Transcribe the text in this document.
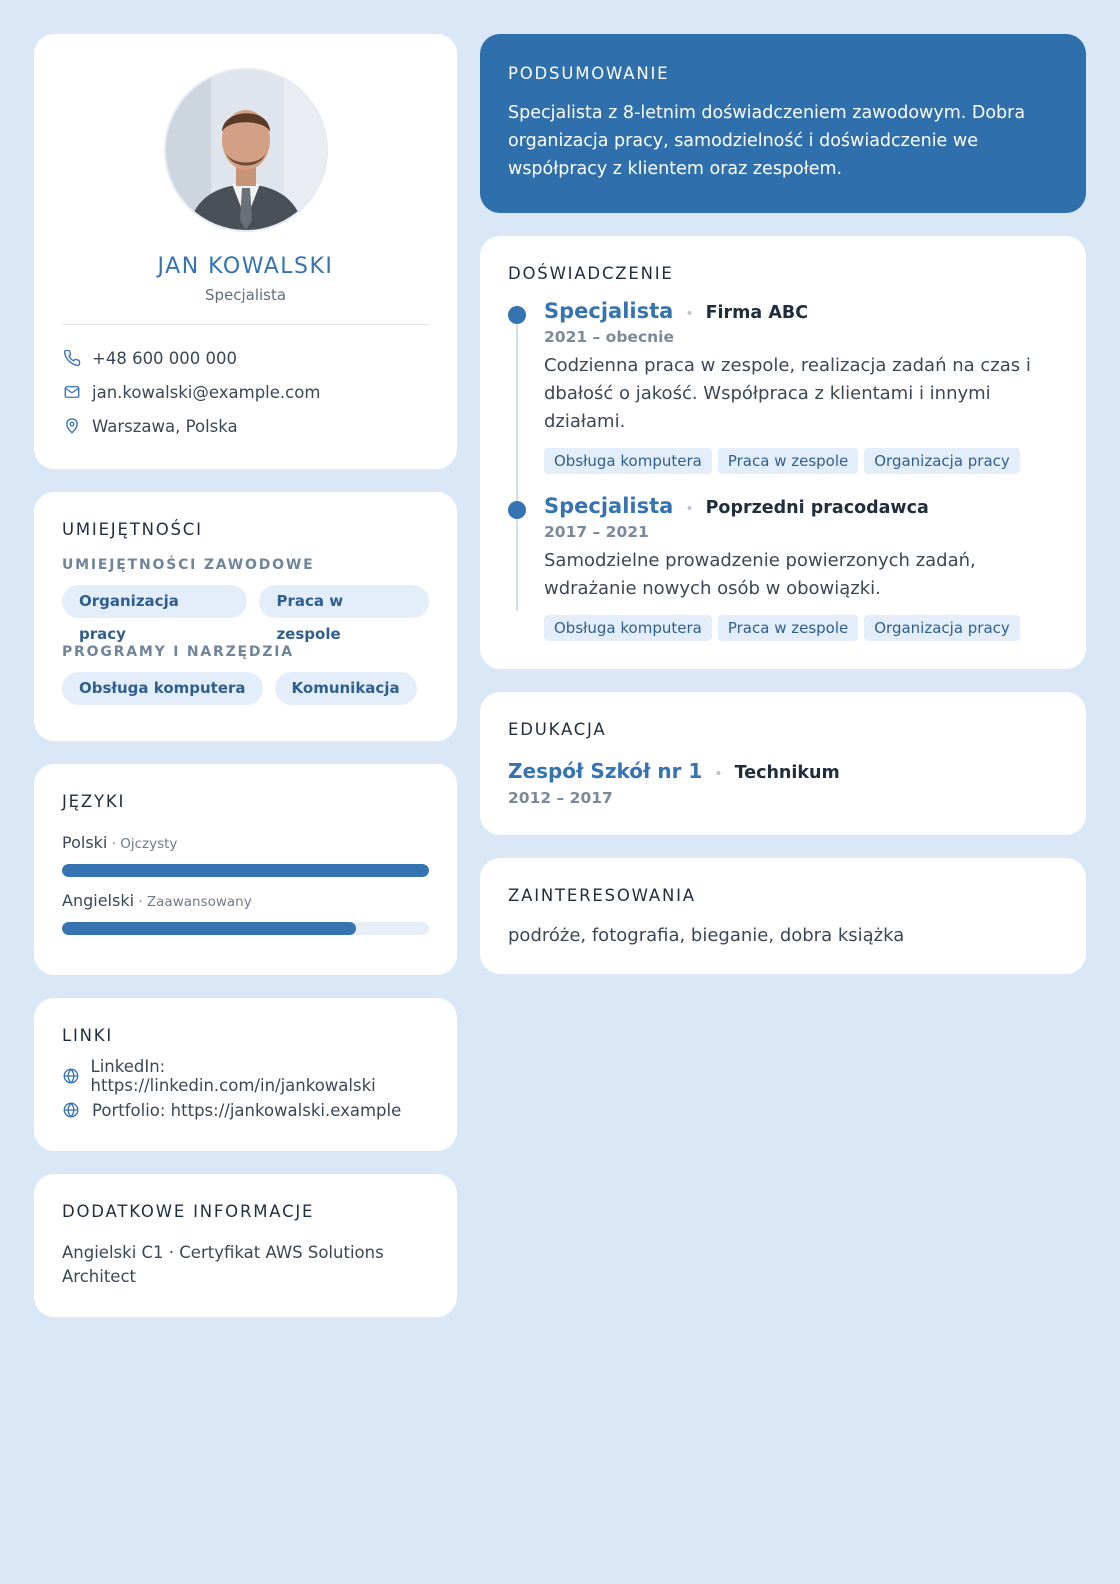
JAN KOWALSKI
Specjalista
+48 600 000 000
jan.kowalski@example.com
Warszawa, Polska
UMIEJĘTNOŚCI
UMIEJĘTNOŚCI ZAWODOWE
Organizacja pracy
Praca w zespole
PROGRAMY I NARZĘDZIA
Obsługa komputera	Komunikacja
JĘZYKI
Polski · Ojczysty
Angielski · Zaawansowany
LINKI
LinkedIn: https://linkedin.com/in/jankowalski
Portfolio: https://jankowalski.example
DODATKOWE INFORMACJE
Angielski C1 · Certyfikat AWS Solutions Architect
PODSUMOWANIE

Specjalista z 8-letnim doświadczeniem zawodowym. Dobra organizacja pracy, samodzielność i doświadczenie we współpracy z klientem oraz zespołem.

DOŚWIADCZENIE
Specjalista • Firma ABC
2021 – obecnie
Codzienna praca w zespole, realizacja zadań na czas i dbałość o jakość. Współpraca z klientami i innymi działami.
Obsługa komputera	Praca w zespole	Organizacja pracy
Specjalista • Poprzedni pracodawca
2017 – 2021
Samodzielne prowadzenie powierzonych zadań, wdrażanie nowych osób w obowiązki.
Obsługa komputera	Praca w zespole	Organizacja pracy
EDUKACJA
Zespół Szkół nr 1 • Technikum
2012 – 2017
ZAINTERESOWANIA
podróże, fotografia, bieganie, dobra książka
